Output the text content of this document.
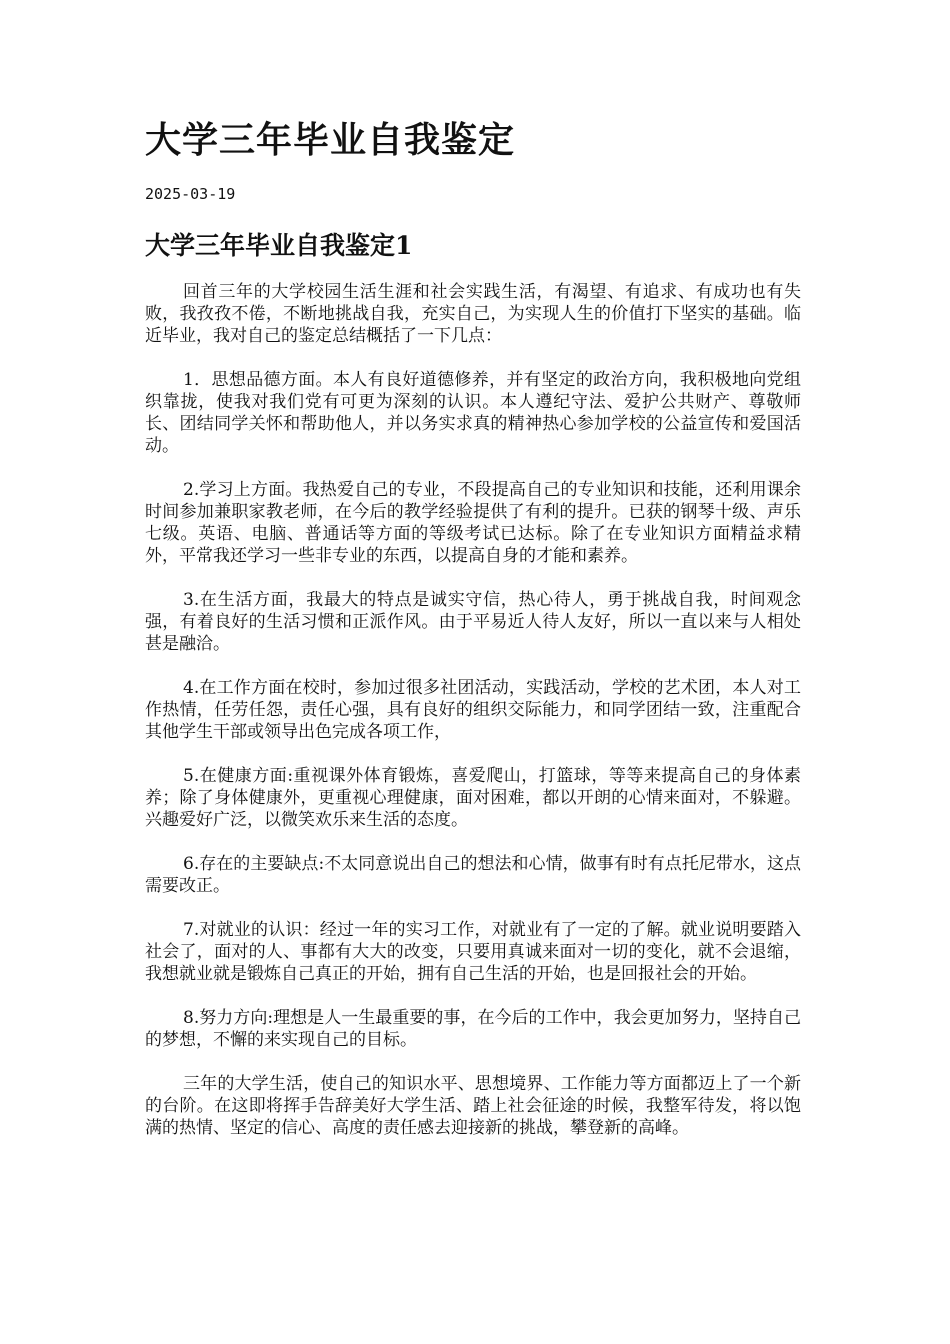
大学三年毕业自我鉴定
2025-03-19
大学三年毕业自我鉴定1

回首三年的大学校园生活生涯和社会实践生活，有渴望、有追求、有成功也有失败，我孜孜不倦，不断地挑战自我，充实自己，为实现人生的价值打下坚实的基础。临近毕业，我对自己的鉴定总结概括了一下几点：

1．思想品德方面。本人有良好道德修养，并有坚定的政治方向，我积极地向党组织靠拢，使我对我们党有可更为深刻的认识。本人遵纪守法、爱护公共财产、尊敬师长、团结同学关怀和帮助他人，并以务实求真的精神热心参加学校的公益宣传和爱国活动。

2.学习上方面。我热爱自己的专业，不段提高自己的专业知识和技能，还利用课余时间参加兼职家教老师，在今后的教学经验提供了有利的提升。已获的钢琴十级、声乐七级。英语、电脑、普通话等方面的等级考试已达标。除了在专业知识方面精益求精外，平常我还学习一些非专业的东西，以提高自身的才能和素养。

3.在生活方面，我最大的特点是诚实守信，热心待人，勇于挑战自我，时间观念强，有着良好的生活习惯和正派作风。由于平易近人待人友好，所以一直以来与人相处甚是融洽。

4.在工作方面在校时，参加过很多社团活动，实践活动，学校的艺术团，本人对工作热情，任劳任怨，责任心强，具有良好的组织交际能力，和同学团结一致，注重配合其他学生干部或领导出色完成各项工作，

5.在健康方面:重视课外体育锻炼，喜爱爬山，打篮球，等等来提高自己的身体素养；除了身体健康外，更重视心理健康，面对困难，都以开朗的心情来面对，不躲避。兴趣爱好广泛，以微笑欢乐来生活的态度。

6.存在的主要缺点:不太同意说出自己的想法和心情，做事有时有点托尼带水，这点需要改正。

7.对就业的认识：经过一年的实习工作，对就业有了一定的了解。就业说明要踏入社会了，面对的人、事都有大大的改变，只要用真诚来面对一切的变化，就不会退缩，我想就业就是锻炼自己真正的开始，拥有自己生活的开始，也是回报社会的开始。

8.努力方向:理想是人一生最重要的事，在今后的工作中，我会更加努力，坚持自己的梦想，不懈的来实现自己的目标。

三年的大学生活，使自己的知识水平、思想境界、工作能力等方面都迈上了一个新的台阶。在这即将挥手告辞美好大学生活、踏上社会征途的时候，我整军待发，将以饱满的热情、坚定的信心、高度的责任感去迎接新的挑战，攀登新的高峰。
